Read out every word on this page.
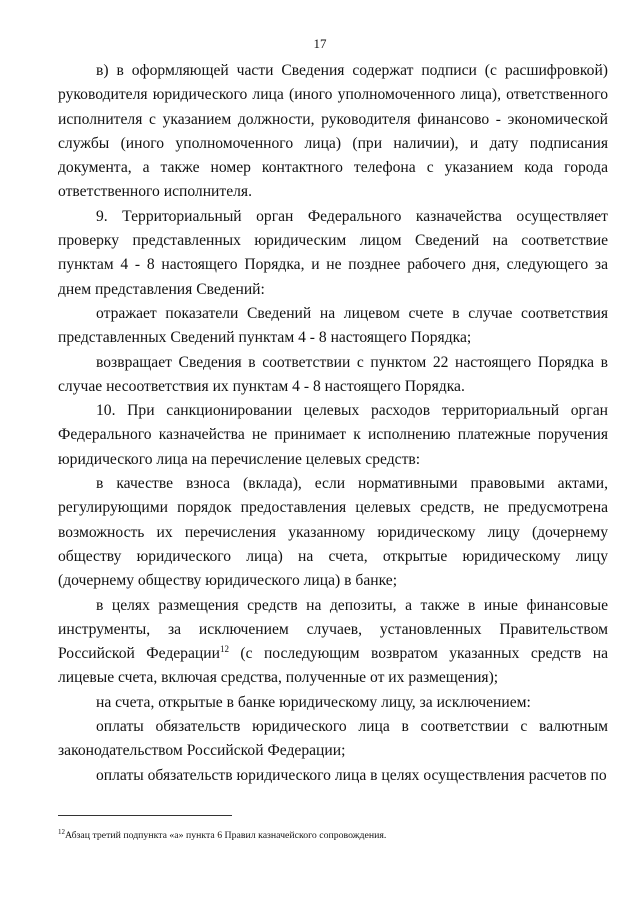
17

в) в оформляющей части Сведения содержат подписи (с расшифровкой) руководителя юридического лица (иного уполномоченного лица), ответственного исполнителя с указанием должности, руководителя финансово - экономической службы (иного уполномоченного лица) (при наличии), и дату подписания документа, а также номер контактного телефона с указанием кода города ответственного исполнителя.

9. Территориальный орган Федерального казначейства осуществляет проверку представленных юридическим лицом Сведений на соответствие пунктам 4 - 8 настоящего Порядка, и не позднее рабочего дня, следующего за днем представления Сведений:

отражает показатели Сведений на лицевом счете в случае соответствия представленных Сведений пунктам 4 - 8 настоящего Порядка;

возвращает Сведения в соответствии с пунктом 22 настоящего Порядка в случае несоответствия их пунктам 4 - 8 настоящего Порядка.

10. При санкционировании целевых расходов территориальный орган Федерального казначейства не принимает к исполнению платежные поручения юридического лица на перечисление целевых средств:

в качестве взноса (вклада), если нормативными правовыми актами, регулирующими порядок предоставления целевых средств, не предусмотрена возможность их перечисления указанному юридическому лицу (дочернему обществу юридического лица) на счета, открытые юридическому лицу (дочернему обществу юридического лица) в банке;

в целях размещения средств на депозиты, а также в иные финансовые инструменты, за исключением случаев, установленных Правительством Российской Федерации$^{12}$ (с последующим возвратом указанных средств на лицевые счета, включая средства, полученные от их размещения);

на счета, открытые в банке юридическому лицу, за исключением:

оплаты обязательств юридического лица в соответствии с валютным законодательством Российской Федерации;

оплаты обязательств юридического лица в целях осуществления расчетов по

$^{12}$Абзац третий подпункта «а» пункта 6 Правил казначейского сопровождения.
